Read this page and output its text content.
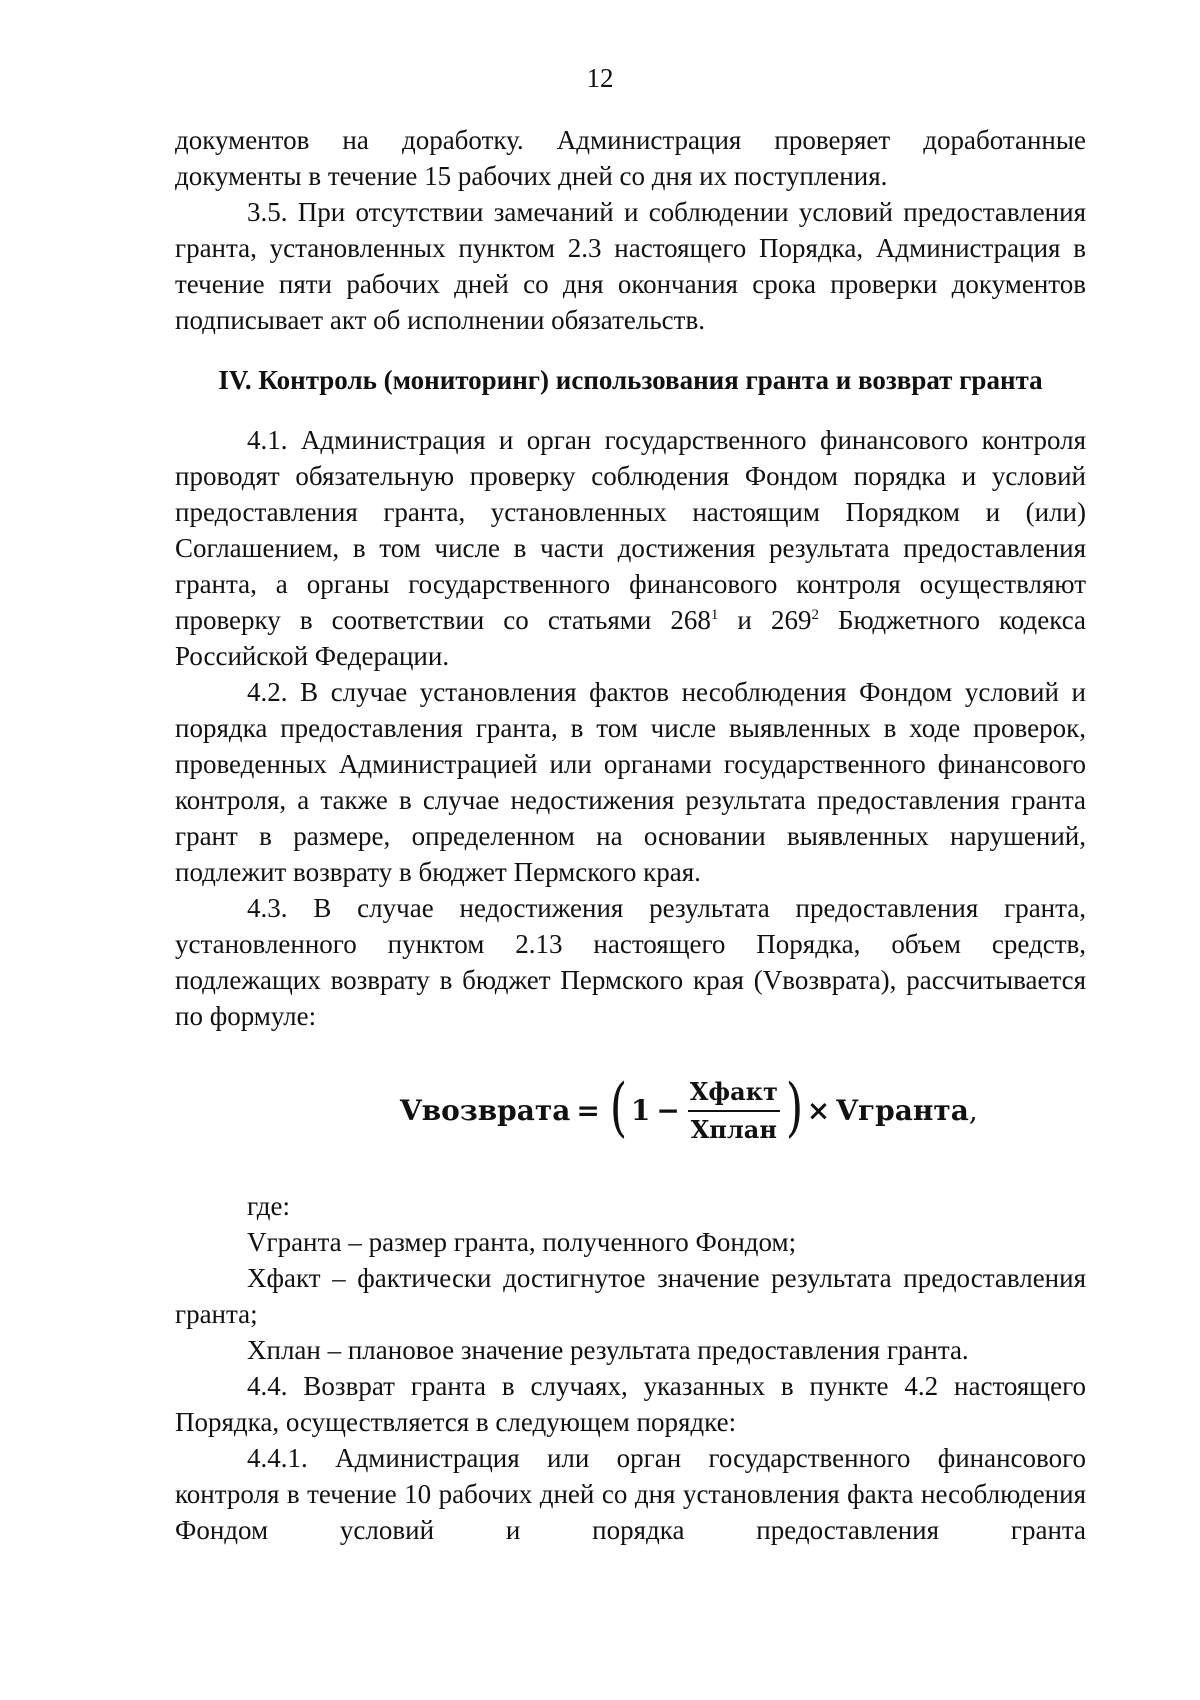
12

документов на доработку. Администрация проверяет доработанные документы в течение 15 рабочих дней со дня их поступления.

3.5. При отсутствии замечаний и соблюдении условий предоставления гранта, установленных пунктом 2.3 настоящего Порядка, Администрация в течение пяти рабочих дней со дня окончания срока проверки документов подписывает акт об исполнении обязательств.

IV. Контроль (мониторинг) использования гранта и возврат гранта

4.1. Администрация и орган государственного финансового контроля проводят обязательную проверку соблюдения Фондом порядка и условий предоставления гранта, установленных настоящим Порядком и (или) Соглашением, в том числе в части достижения результата предоставления гранта, а органы государственного финансового контроля осуществляют проверку в соответствии со статьями $268^1$ и $269^2$ Бюджетного кодекса Российской Федерации.

4.2. В случае установления фактов несоблюдения Фондом условий и порядка предоставления гранта, в том числе выявленных в ходе проверок, проведенных Администрацией или органами государственного финансового контроля, а также в случае недостижения результата предоставления гранта грант в размере, определенном на основании выявленных нарушений, подлежит возврату в бюджет Пермского края.

4.3. В случае недостижения результата предоставления гранта, установленного пунктом 2.13 настоящего Порядка, объем средств, подлежащих возврату в бюджет Пермского края (Vвозврата), рассчитывается по формуле:

Vвозврата = ( $1 - \frac{\text{Хфакт}}{\text{Хплан}}$ ) × Vгранта ,

где:

Vгранта – размер гранта, полученного Фондом;

Хфакт – фактически достигнутое значение результата предоставления гранта;

Хплан – плановое значение результата предоставления гранта.

4.4. Возврат гранта в случаях, указанных в пункте 4.2 настоящего Порядка, осуществляется в следующем порядке:

4.4.1. Администрация или орган государственного финансового контроля в течение 10 рабочих дней со дня установления факта несоблюдения Фондом условий и порядка предоставления гранта
